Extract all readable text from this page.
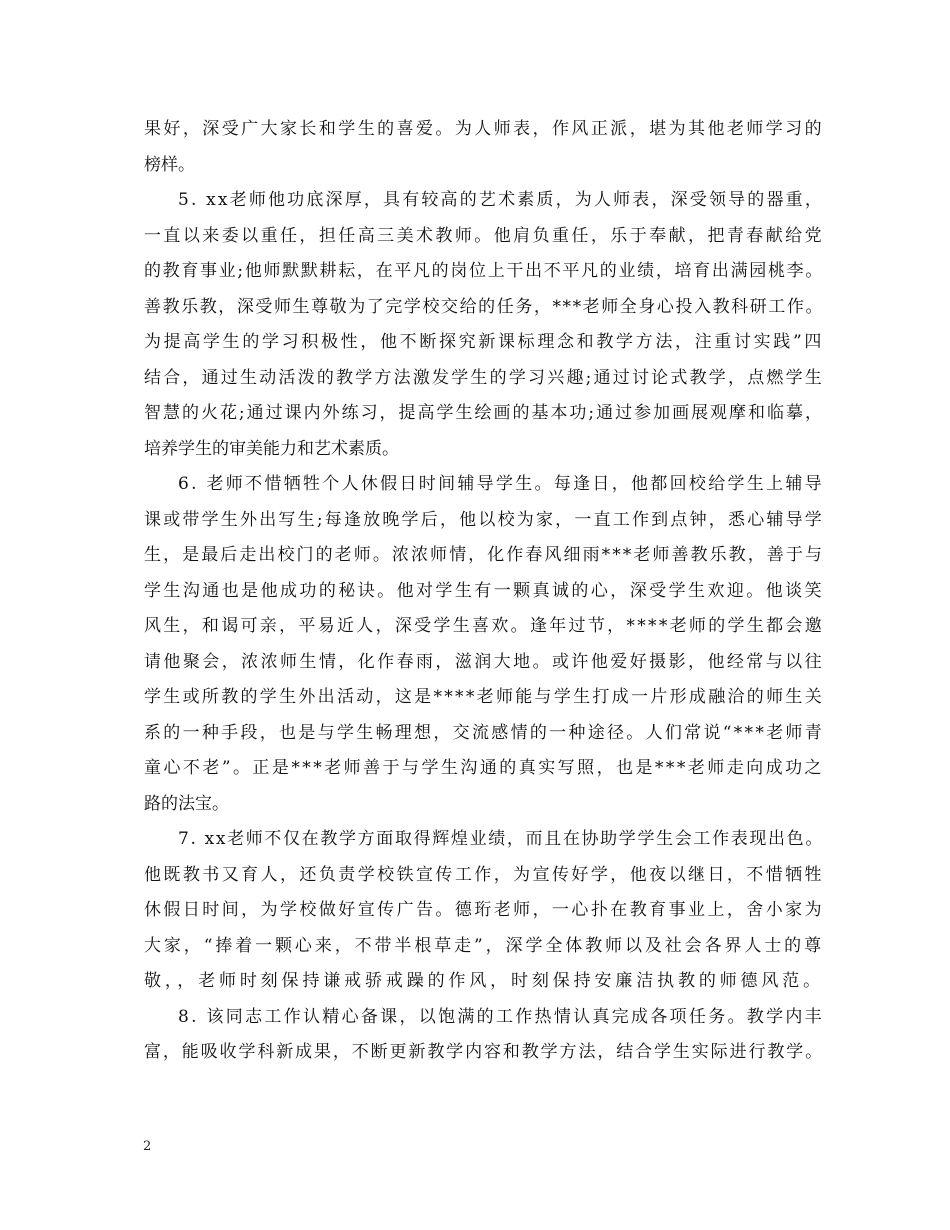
果好，深受广大家长和学生的喜爱。为人师表，作风正派，堪为其他老师学习的
榜样。
5. xx老师他功底深厚，具有较高的艺术素质，为人师表，深受领导的器重，
一直以来委以重任，担任高三美术教师。他肩负重任，乐于奉献，把青春献给党
的教育事业;他师默默耕耘，在平凡的岗位上干出不平凡的业绩，培育出满园桃李。
善教乐教，深受师生尊敬为了完学校交给的任务，***老师全身心投入教科研工作。
为提高学生的学习积极性，他不断探究新课标理念和教学方法，注重讨实践”四
结合，通过生动活泼的教学方法激发学生的学习兴趣;通过讨论式教学，点燃学生
智慧的火花;通过课内外练习，提高学生绘画的基本功;通过参加画展观摩和临摹，
培养学生的审美能力和艺术素质。
6. 老师不惜牺牲个人休假日时间辅导学生。每逢日，他都回校给学生上辅导
课或带学生外出写生;每逢放晚学后，他以校为家，一直工作到点钟，悉心辅导学
生，是最后走出校门的老师。浓浓师情，化作春风细雨***老师善教乐教，善于与
学生沟通也是他成功的秘诀。他对学生有一颗真诚的心，深受学生欢迎。他谈笑
风生，和谒可亲，平易近人，深受学生喜欢。逢年过节，****老师的学生都会邀
请他聚会，浓浓师生情，化作春雨，滋润大地。或许他爱好摄影，他经常与以往
学生或所教的学生外出活动，这是****老师能与学生打成一片形成融洽的师生关
系的一种手段，也是与学生畅理想，交流感情的一种途径。人们常说“***老师青
童心不老”。正是***老师善于与学生沟通的真实写照，也是***老师走向成功之
路的法宝。
7. xx老师不仅在教学方面取得辉煌业绩，而且在协助学学生会工作表现出色。
他既教书又育人，还负责学校铁宣传工作，为宣传好学，他夜以继日，不惜牺牲
休假日时间，为学校做好宣传广告。德珩老师，一心扑在教育事业上，舍小家为
大家，“捧着一颗心来，不带半根草走”，深学全体教师以及社会各界人士的尊
敬，，老师时刻保持谦戒骄戒躁的作风，时刻保持安廉洁执教的师德风范。
8. 该同志工作认精心备课，以饱满的工作热情认真完成各项任务。教学内丰
富，能吸收学科新成果，不断更新教学内容和教学方法，结合学生实际进行教学。
2
